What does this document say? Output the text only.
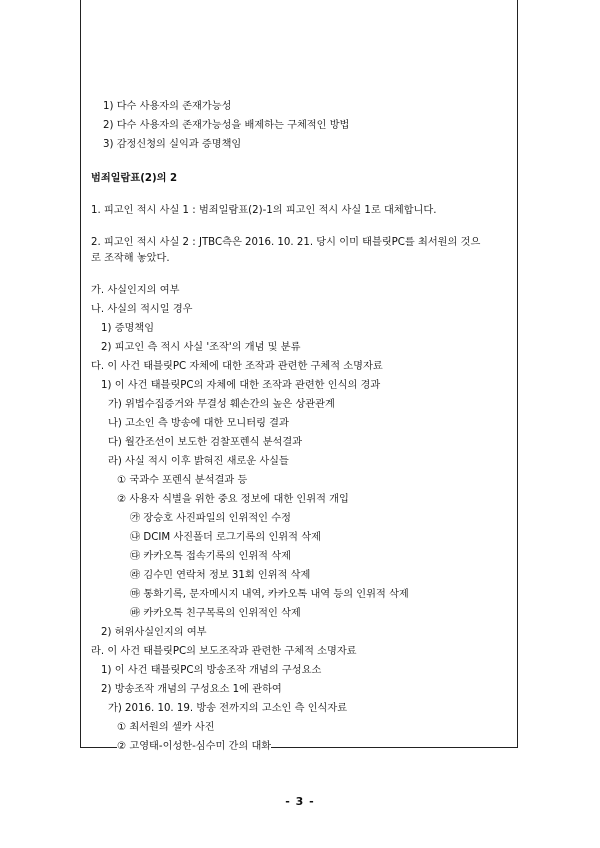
1) 다수 사용자의 존재가능성
2) 다수 사용자의 존재가능성을 배제하는 구체적인 방법
3) 감정신청의 실익과 증명책임
범죄일람표(2)의 2
1. 피고인 적시 사실 1 : 범죄일람표(2)-1의 피고인 적시 사실 1로 대체합니다.
2. 피고인 적시 사실 2 : JTBC측은 2016. 10. 21. 당시 이미 태블릿PC를 최서원의 것으
로 조작해 놓았다.
가. 사실인지의 여부
나. 사실의 적시일 경우
1) 증명책임
2) 피고인 측 적시 사실 '조작'의 개념 및 분류
다. 이 사건 태블릿PC 자체에 대한 조작과 관련한 구체적 소명자료
1) 이 사건 태블릿PC의 자체에 대한 조작과 관련한 인식의 경과
가) 위법수집증거와 무결성 훼손간의 높은 상관관계
나) 고소인 측 방송에 대한 모니터링 결과
다) 월간조선이 보도한 검찰포렌식 분석결과
라) 사실 적시 이후 밝혀진 새로운 사실들
① 국과수 포렌식 분석결과 등
② 사용자 식별을 위한 중요 정보에 대한 인위적 개입
㉮ 장승호 사진파일의 인위적인 수정
㉯ DCIM 사진폴더 로그기록의 인위적 삭제
㉰ 카카오톡 접속기록의 인위적 삭제
㉱ 김수민 연락처 정보 31회 인위적 삭제
㉲ 통화기록, 문자메시지 내역, 카카오톡 내역 등의 인위적 삭제
㉳ 카카오톡 친구목록의 인위적인 삭제
2) 허위사실인지의 여부
라. 이 사건 태블릿PC의 보도조작과 관련한 구체적 소명자료
1) 이 사건 태블릿PC의 방송조작 개념의 구성요소
2) 방송조작 개념의 구성요소 1에 관하여
가) 2016. 10. 19. 방송 전까지의 고소인 측 인식자료
① 최서원의 셀카 사진
② 고영태-이성한-심수미 간의 대화
- 3 -
